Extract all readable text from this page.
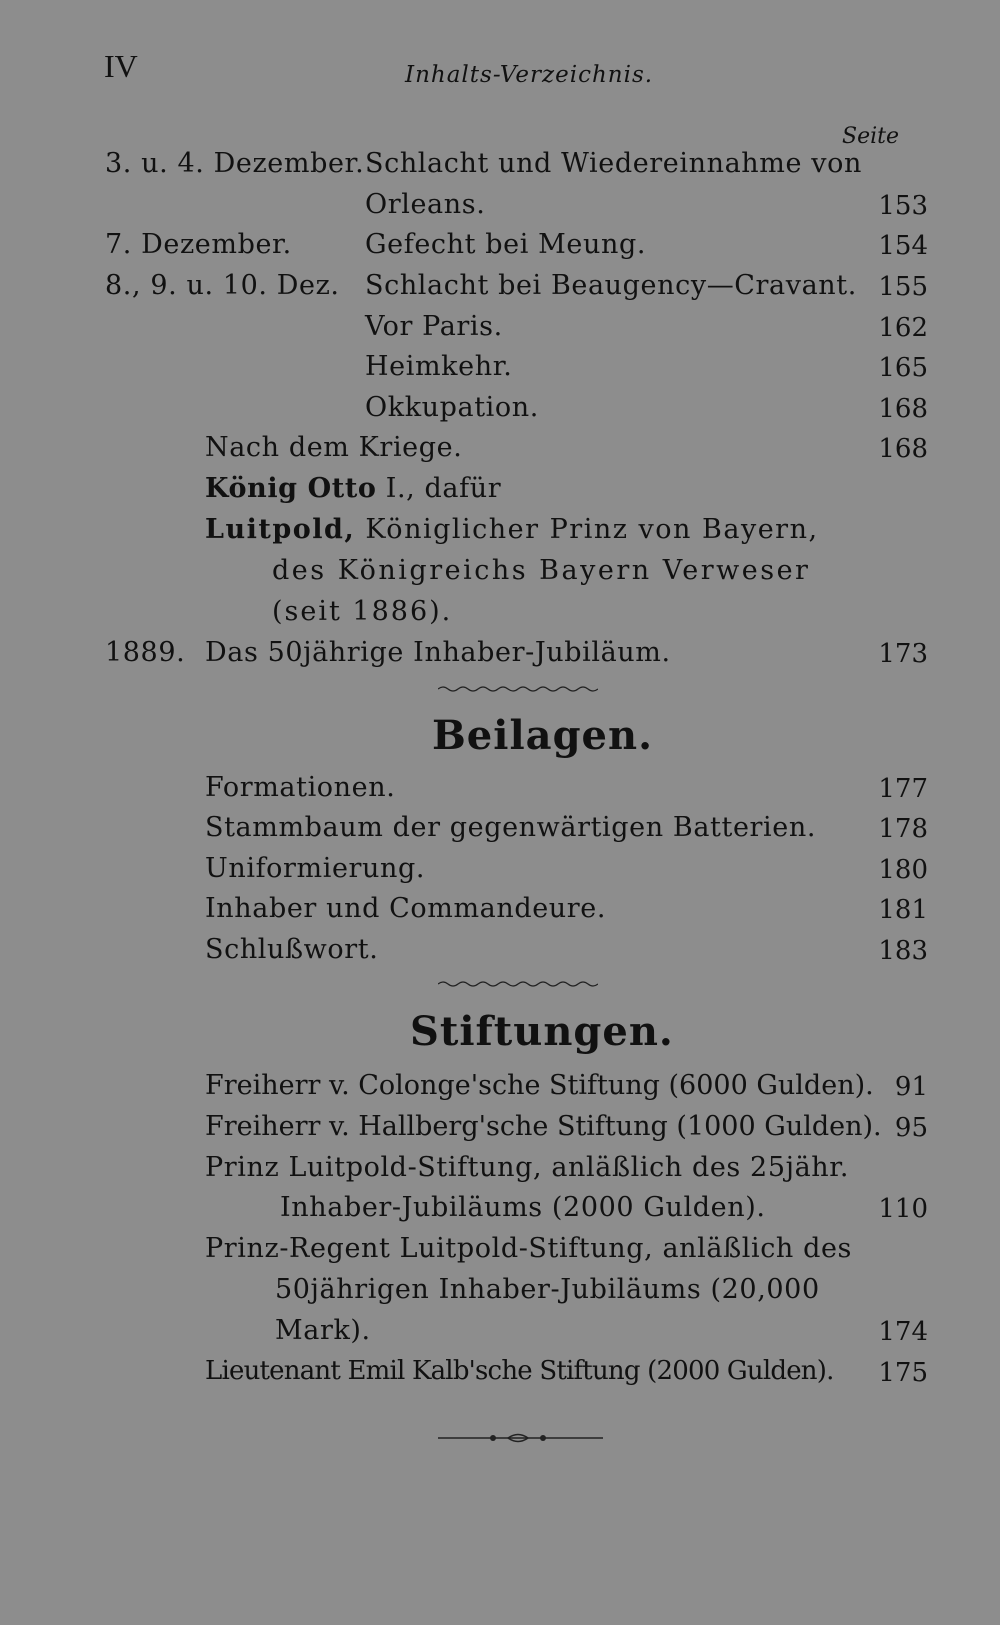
IV	Inhalts-Verzeichnis.
Seite
3. u. 4. Dezember. Schlacht und Wiedereinnahme von
Orleans.	153
7. Dezember.	Gefecht bei Meung.	154
8., 9. u. 10. Dez. Schlacht bei Beaugency—Cravant. 155
Vor Paris.	162
Heimkehr.	165
Okkupation.	168
Nach dem Kriege.	168
König Otto I., dafür
Luitpold, Königlicher Prinz von Bayern,
des Königreichs Bayern Verweser
(seit 1886).
1889. Das 50jährige Inhaber-Jubiläum.	173
Beilagen.
Formationen.	177
Stammbaum der gegenwärtigen Batterien.	178
Uniformierung.	180
Inhaber und Commandeure.	181
Schlußwort.	183
Stiftungen.
Freiherr v. Colonge'sche Stiftung (6000 Gulden). 91
Freiherr v. Hallberg'sche Stiftung (1000 Gulden). 95
Prinz Luitpold-Stiftung, anläßlich des 25jähr.
Inhaber-Jubiläums (2000 Gulden).	110
Prinz-Regent Luitpold-Stiftung, anläßlich des
50jährigen Inhaber-Jubiläums (20,000
Mark).	174
Lieutenant Emil Kalb'sche Stiftung (2000 Gulden).	175
